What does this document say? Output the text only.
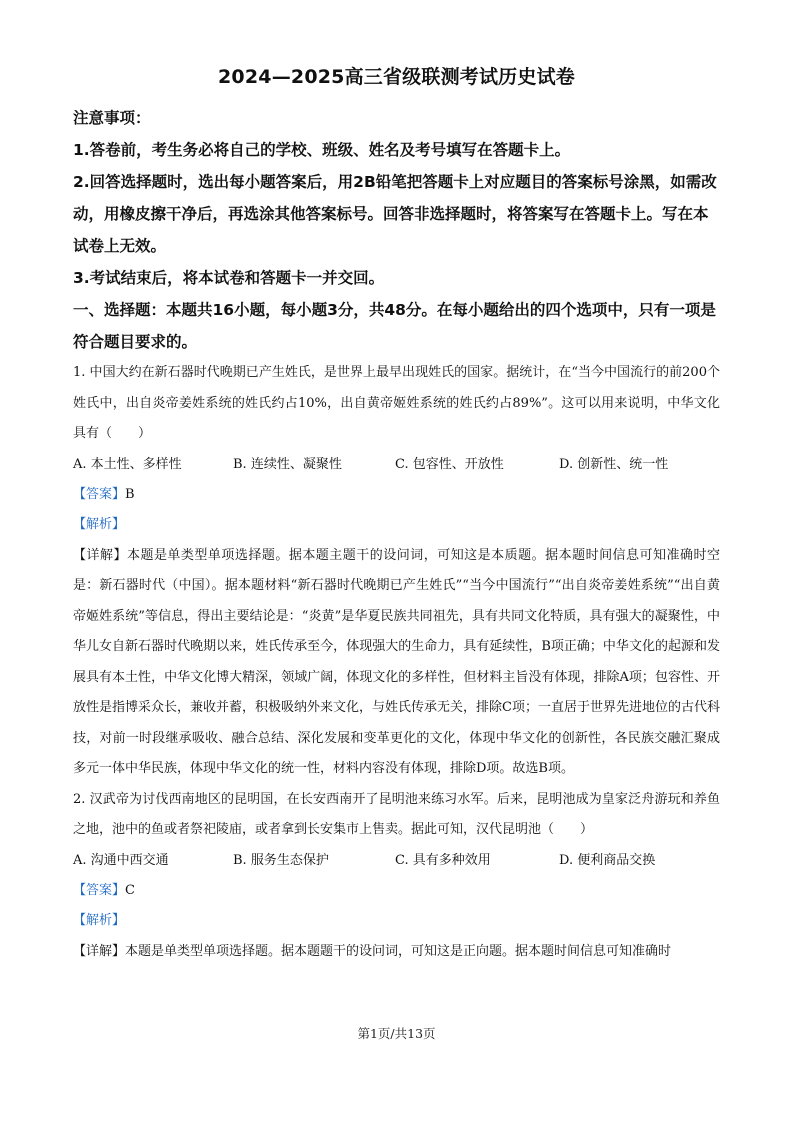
2024—2025高三省级联测考试历史试卷
注意事项：
1.答卷前，考生务必将自己的学校、班级、姓名及考号填写在答题卡上。
2.回答选择题时，选出每小题答案后，用2B铅笔把答题卡上对应题目的答案标号涂黑，如需改动，用橡皮擦干净后，再选涂其他答案标号。回答非选择题时，将答案写在答题卡上。写在本试卷上无效。
3.考试结束后，将本试卷和答题卡一并交回。
一、选择题：本题共16小题，每小题3分，共48分。在每小题给出的四个选项中，只有一项是符合题目要求的。

1. 中国大约在新石器时代晚期已产生姓氏，是世界上最早出现姓氏的国家。据统计，在“当今中国流行的前200个姓氏中，出自炎帝姜姓系统的姓氏约占10%，出自黄帝姬姓系统的姓氏约占89%”。这可以用来说明，中华文化具有（　　）

A. 本土性、多样性	B. 连续性、凝聚性	C. 包容性、开放性	D. 创新性、统一性

【答案】B

【解析】

【详解】本题是单类型单项选择题。据本题主题干的设问词，可知这是本质题。据本题时间信息可知准确时空是：新石器时代（中国）。据本题材料“新石器时代晚期已产生姓氏”“当今中国流行”“出自炎帝姜姓系统”“出自黄帝姬姓系统”等信息，得出主要结论是：“炎黄”是华夏民族共同祖先，具有共同文化特质，具有强大的凝聚性，中华儿女自新石器时代晚期以来，姓氏传承至今，体现强大的生命力，具有延续性，B项正确；中华文化的起源和发展具有本土性，中华文化博大精深，领域广阔，体现文化的多样性，但材料主旨没有体现，排除A项；包容性、开放性是指博采众长，兼收并蓄，积极吸纳外来文化，与姓氏传承无关，排除C项；一直居于世界先进地位的古代科技，对前一时段继承吸收、融合总结、深化发展和变革更化的文化，体现中华文化的创新性，各民族交融汇聚成多元一体中华民族，体现中华文化的统一性，材料内容没有体现，排除D项。故选B项。

2. 汉武帝为讨伐西南地区的昆明国，在长安西南开了昆明池来练习水军。后来，昆明池成为皇家泛舟游玩和养鱼之地，池中的鱼或者祭祀陵庙，或者拿到长安集市上售卖。据此可知，汉代昆明池（　　）

A. 沟通中西交通	B. 服务生态保护	C. 具有多种效用	D. 便利商品交换

【答案】C

【解析】

【详解】本题是单类型单项选择题。据本题题干的设问词，可知这是正向题。据本题时间信息可知准确时

第1页/共13页
